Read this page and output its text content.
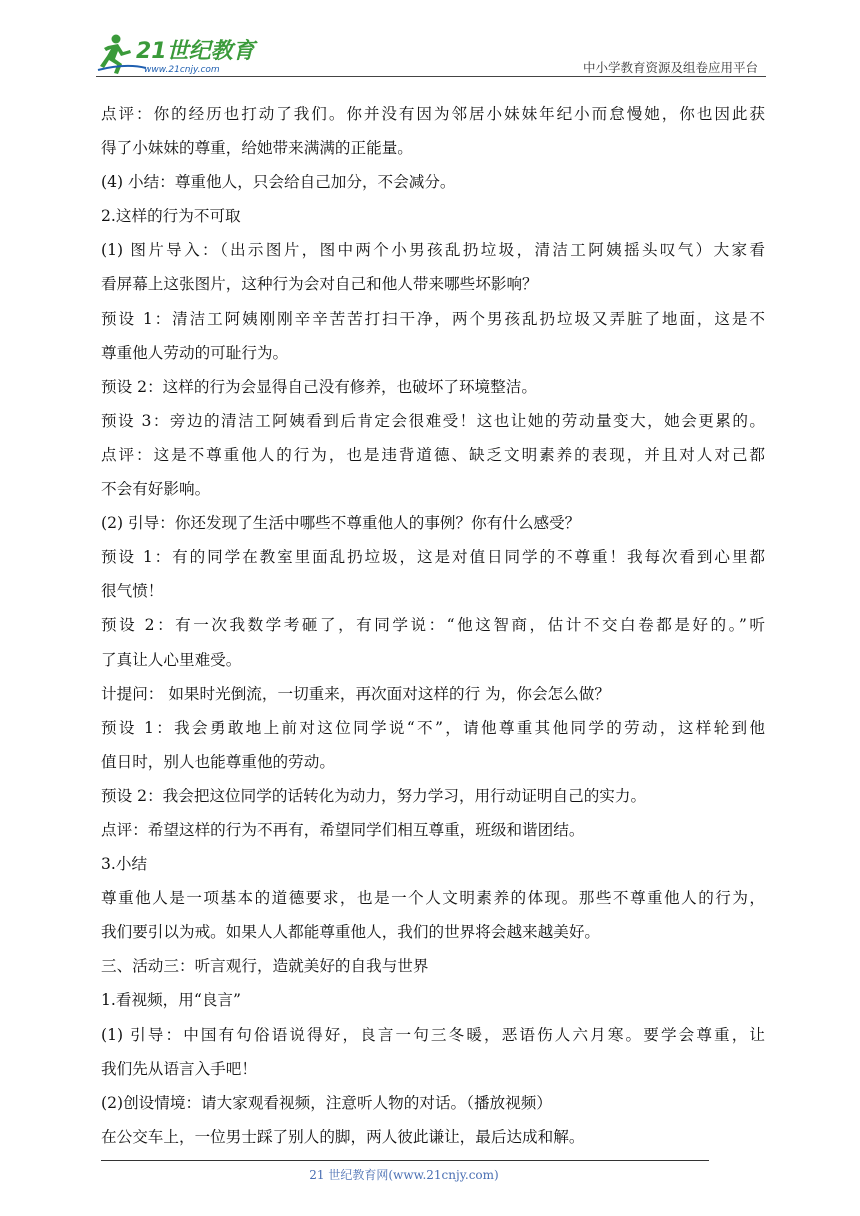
21世纪教育
www.21cnjy.com	中小学教育资源及组卷应用平台

点评：你的经历也打动了我们。你并没有因为邻居小妹妹年纪小而怠慢她，你也因此获

得了小妹妹的尊重，给她带来满满的正能量。

(4) 小结：尊重他人，只会给自己加分，不会减分。

2.这样的行为不可取

(1) 图片导入：（出示图片，图中两个小男孩乱扔垃圾，清洁工阿姨摇头叹气）大家看

看屏幕上这张图片，这种行为会对自己和他人带来哪些坏影响？

预设 1：清洁工阿姨刚刚辛辛苦苦打扫干净，两个男孩乱扔垃圾又弄脏了地面，这是不

尊重他人劳动的可耻行为。

预设 2：这样的行为会显得自己没有修养，也破坏了环境整洁。

预设 3：旁边的清洁工阿姨看到后肯定会很难受！这也让她的劳动量变大，她会更累的。

点评：这是不尊重他人的行为，也是违背道德、缺乏文明素养的表现，并且对人对己都

不会有好影响。

(2) 引导：你还发现了生活中哪些不尊重他人的事例？你有什么感受？

预设 1：有的同学在教室里面乱扔垃圾，这是对值日同学的不尊重！我每次看到心里都

很气愤！

预设 2：有一次我数学考砸了，有同学说：“他这智商，估计不交白卷都是好的。”听

了真让人心里难受。

计提问： 如果时光倒流，一切重来，再次面对这样的行 为，你会怎么做？

预设 1：我会勇敢地上前对这位同学说“不”，请他尊重其他同学的劳动，这样轮到他

值日时，别人也能尊重他的劳动。

预设 2：我会把这位同学的话转化为动力，努力学习，用行动证明自己的实力。

点评：希望这样的行为不再有，希望同学们相互尊重，班级和谐团结。

3.小结

尊重他人是一项基本的道德要求，也是一个人文明素养的体现。那些不尊重他人的行为，

我们要引以为戒。如果人人都能尊重他人，我们的世界将会越来越美好。

三、活动三：听言观行，造就美好的自我与世界

1.看视频，用“良言”

(1) 引导：中国有句俗语说得好，良言一句三冬暖，恶语伤人六月寒。要学会尊重，让

我们先从语言入手吧！

(2)创设情境：请大家观看视频，注意听人物的对话。（播放视频）

在公交车上，一位男士踩了别人的脚，两人彼此谦让，最后达成和解。

21 世纪教育网(www.21cnjy.com)
